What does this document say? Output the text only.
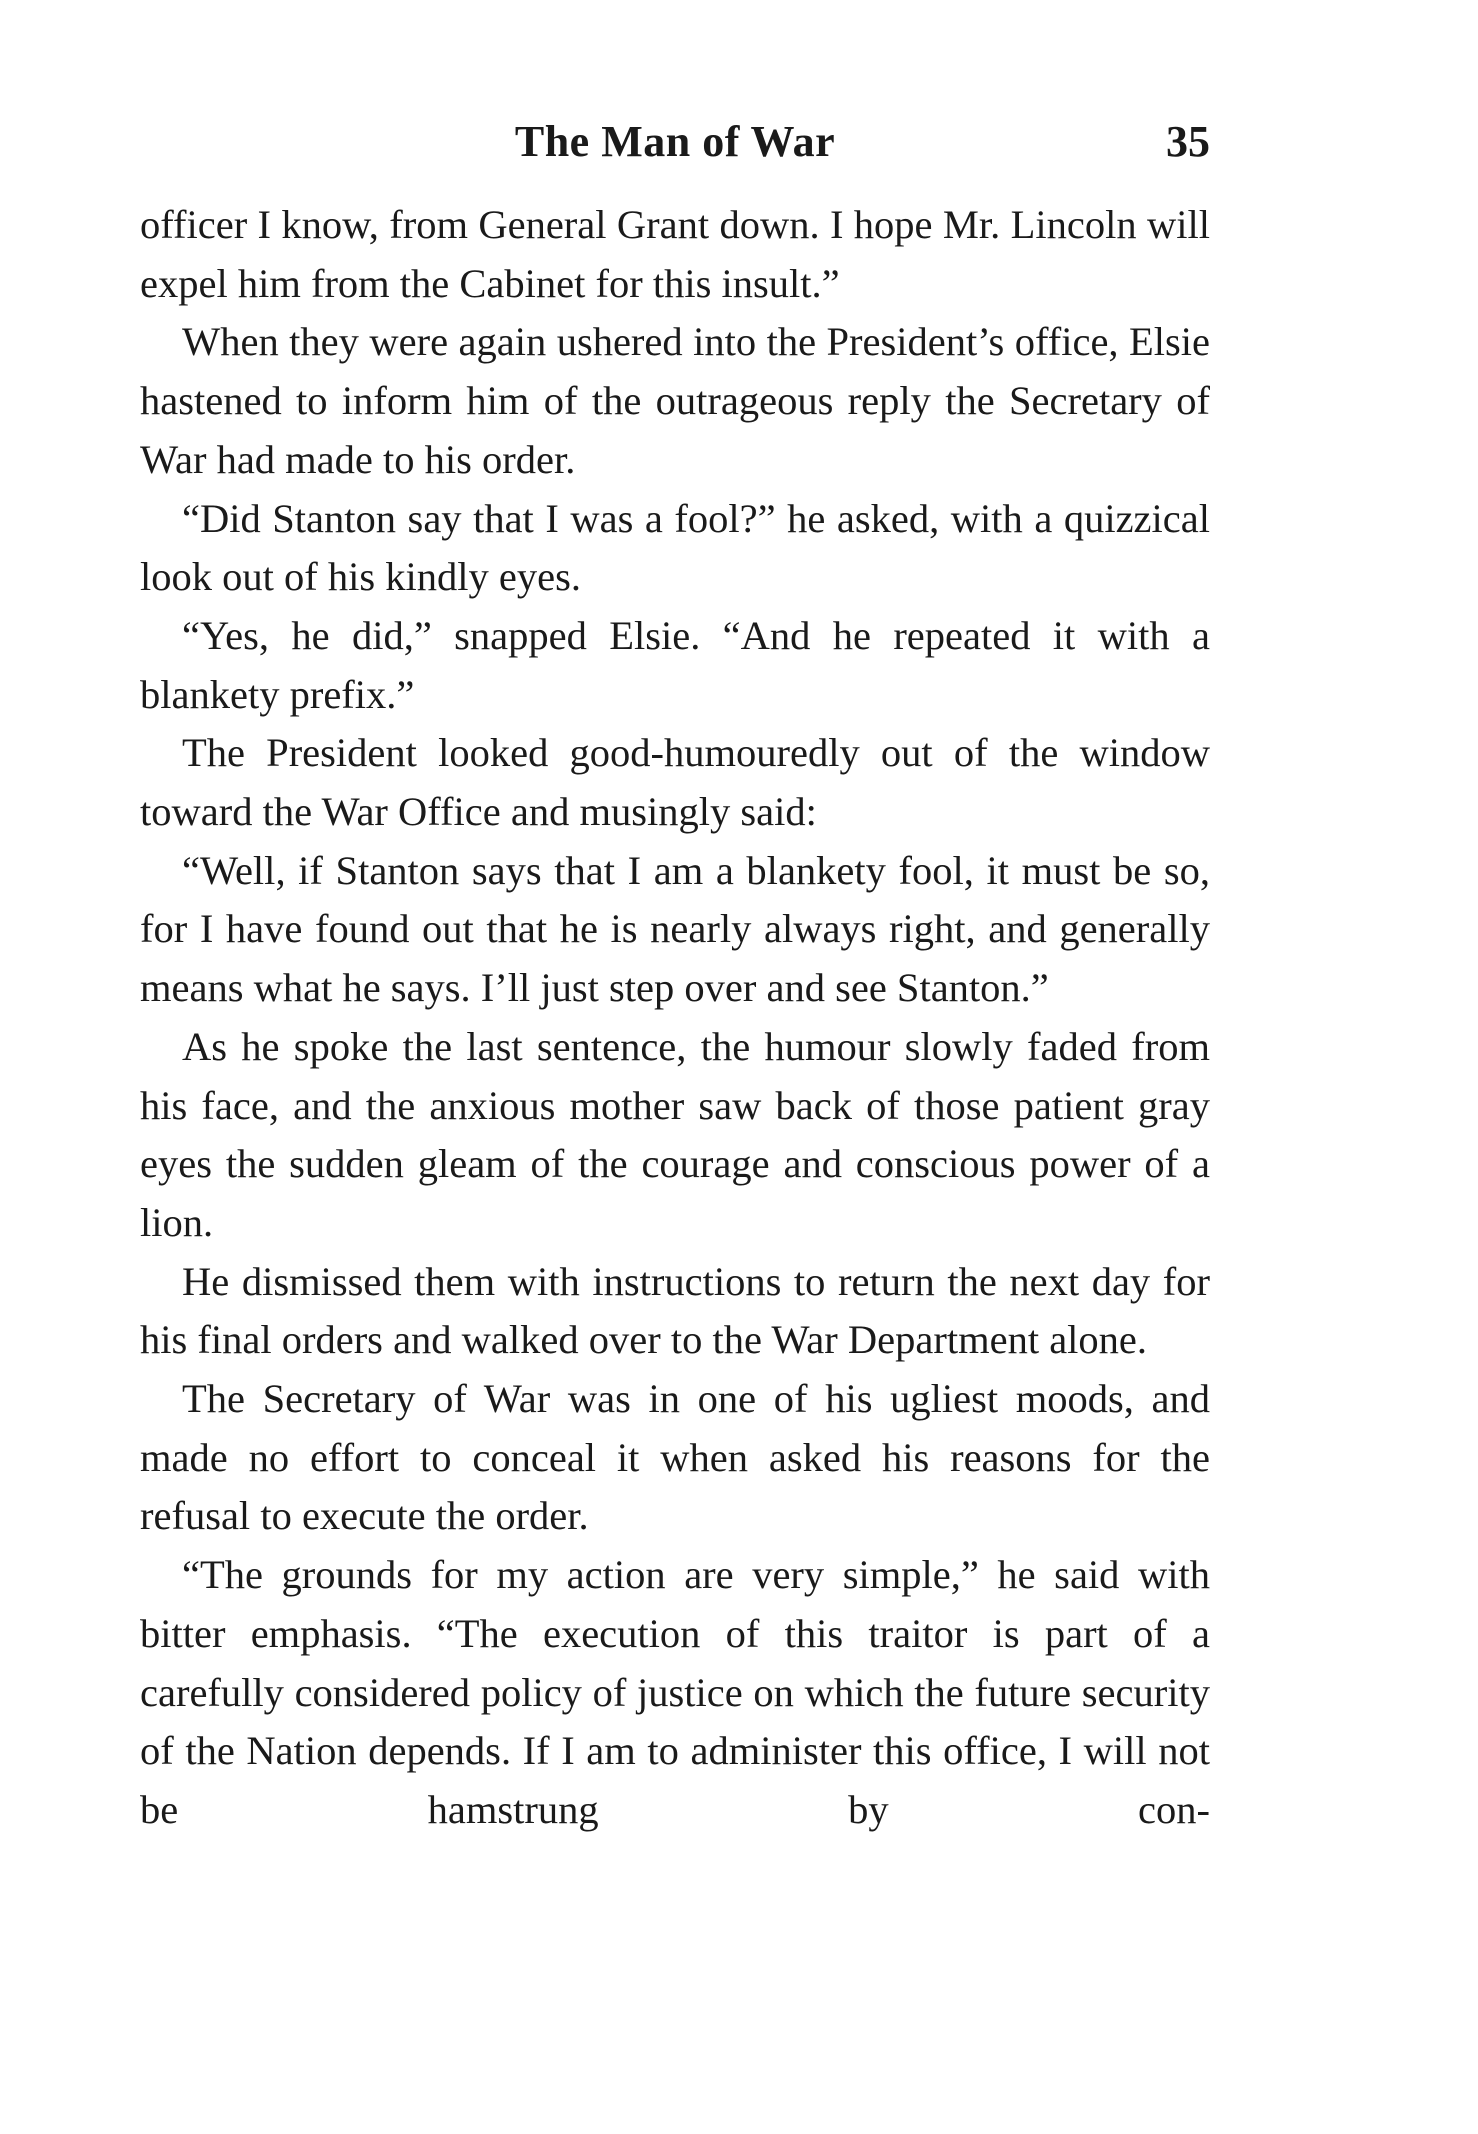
The Man of War	35

officer I know, from General Grant down. I hope Mr. Lincoln will expel him from the Cabinet for this insult.”

When they were again ushered into the President’s office, Elsie hastened to inform him of the outrageous reply the Secretary of War had made to his order.

“Did Stanton say that I was a fool?” he asked, with a quizzical look out of his kindly eyes.

“Yes, he did,” snapped Elsie. “And he repeated it with a blankety prefix.”

The President looked good-humouredly out of the window toward the War Office and musingly said:

“Well, if Stanton says that I am a blankety fool, it must be so, for I have found out that he is nearly always right, and generally means what he says. I’ll just step over and see Stanton.”

As he spoke the last sentence, the humour slowly faded from his face, and the anxious mother saw back of those patient gray eyes the sudden gleam of the courage and conscious power of a lion.

He dismissed them with instructions to return the next day for his final orders and walked over to the War Department alone.

The Secretary of War was in one of his ugliest moods, and made no effort to conceal it when asked his reasons for the refusal to execute the order.

“The grounds for my action are very simple,” he said with bitter emphasis. “The execution of this traitor is part of a carefully considered policy of justice on which the future security of the Nation depends. If I am to administer this office, I will not be hamstrung by con-
